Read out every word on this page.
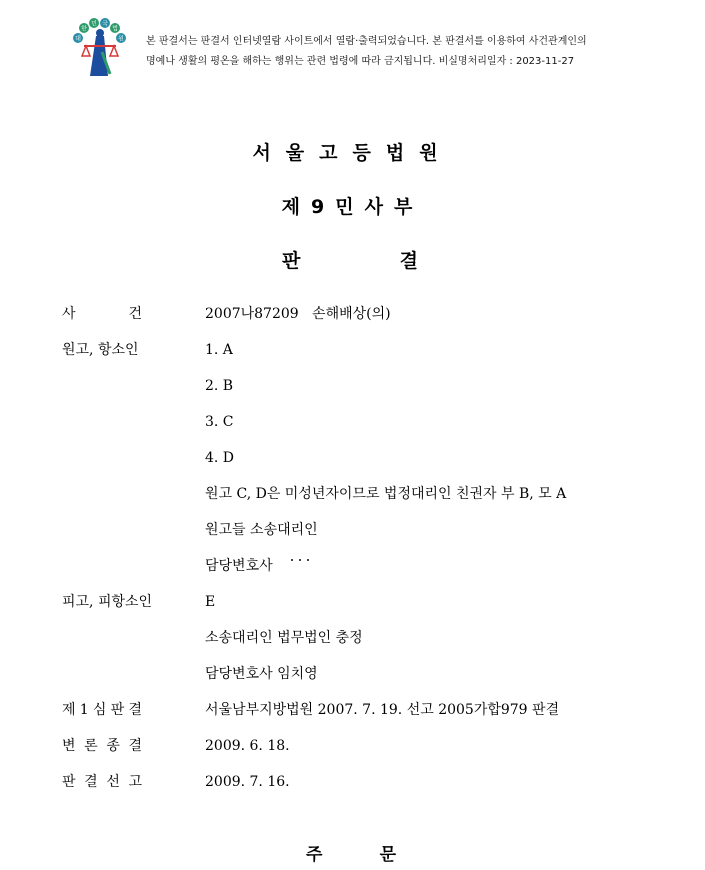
대
한
민 국
법
원 본 판결서는 판결서 인터넷열람 사이트에서 열람·출력되었습니다. 본 판결서를 이용하여 사건관계인의
명예나 생활의 평온을 해하는 행위는 관련 법령에 따라 금지됩니다. 비실명처리일자 : 2023-11-27
서울고등법원
제9민사부
판	결
사	건	2007나87209   손해배상(의)
원고, 항소인	1. A
2. B
3. C
4. D
원고 C, D은 미성년자이므로 법정대리인 친권자 부 B, 모 A
원고들 소송대리인
담당변호사
피고, 피항소인	E
소송대리인 법무법인 충정
담당변호사 임치영
제 1 심 판 결	서울남부지방법원 2007. 7. 19. 선고 2005가합979 판결
변 론 종 결	2009. 6. 18.
판 결 선 고	2009. 7. 16.
주	문
